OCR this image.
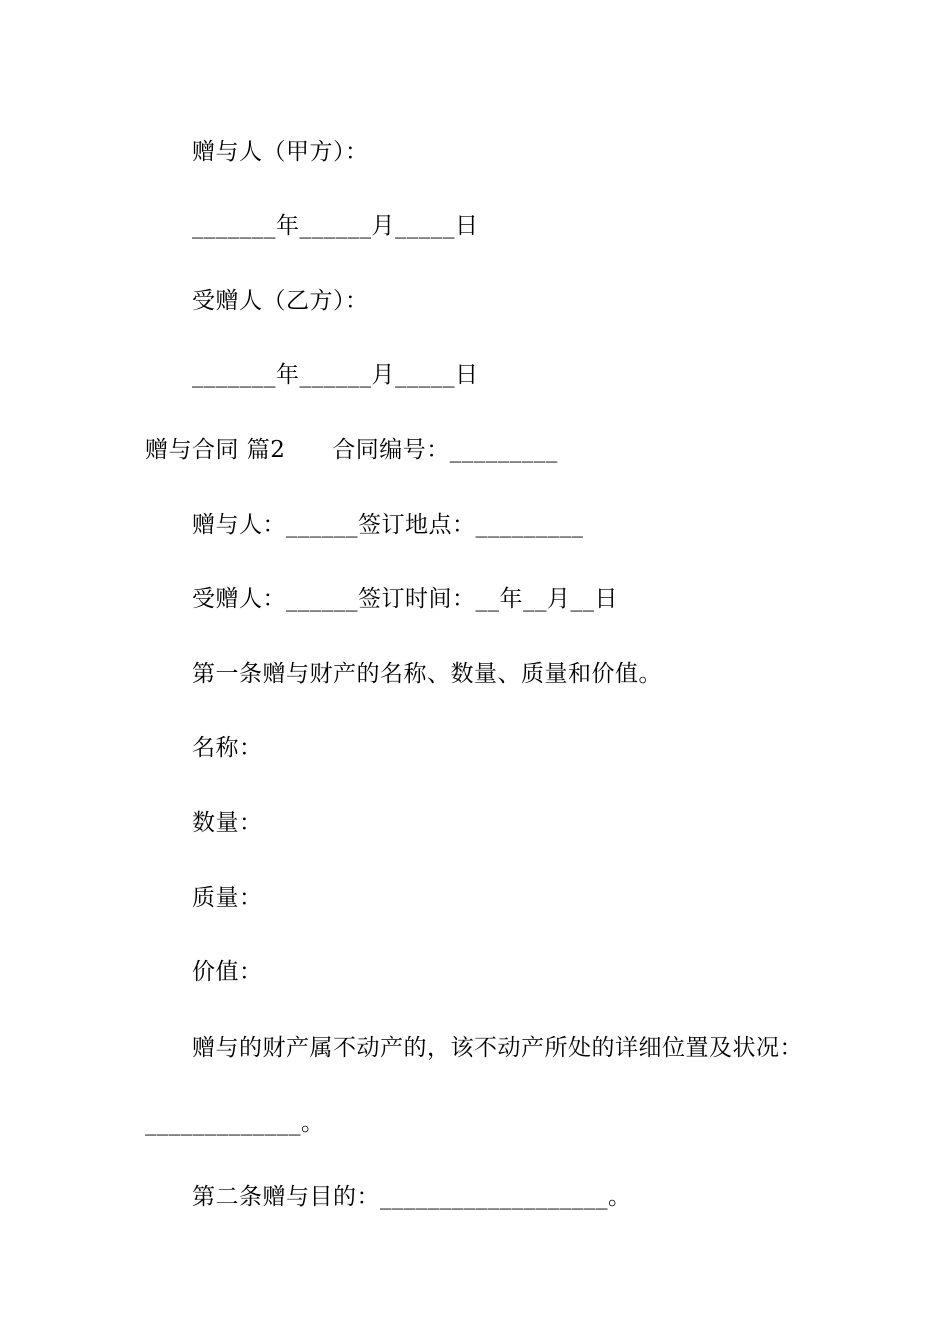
赠与人（甲方）：
_______年______月_____日
受赠人（乙方）：
_______年______月_____日
赠与合同 篇2      合同编号：_________
赠与人：______签订地点：_________
受赠人：______签订时间：__年__月__日
第一条赠与财产的名称、数量、质量和价值。
名称：
数量：
质量：
价值：
赠与的财产属不动产的，该不动产所处的详细位置及状况：
_____________。
第二条赠与目的：___________________。
